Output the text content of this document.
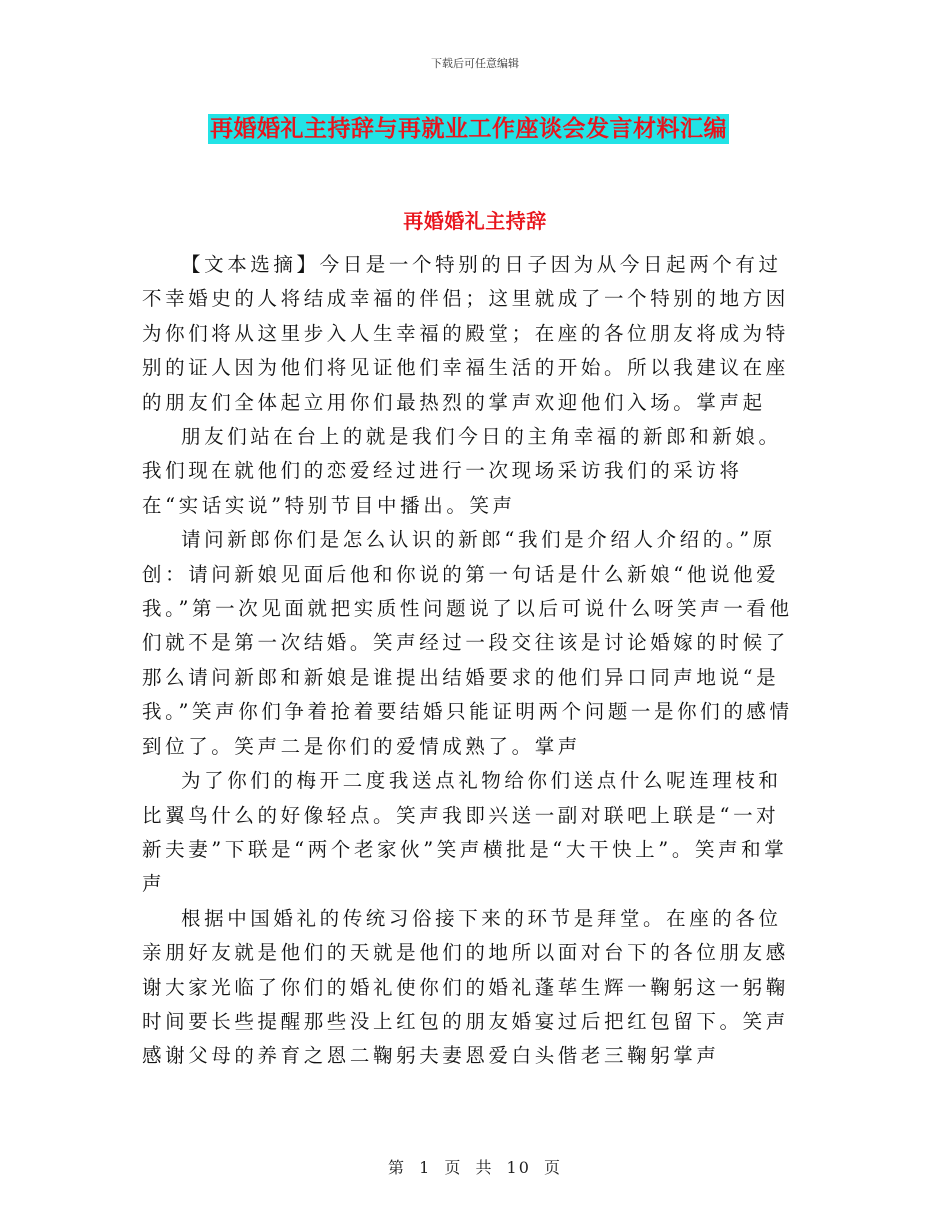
下载后可任意编辑
再婚婚礼主持辞与再就业工作座谈会发言材料汇编
再婚婚礼主持辞

【文本选摘】今日是一个特别的日子因为从今日起两个有过不幸婚史的人将结成幸福的伴侣；这里就成了一个特别的地方因为你们将从这里步入人生幸福的殿堂；在座的各位朋友将成为特别的证人因为他们将见证他们幸福生活的开始。所以我建议在座的朋友们全体起立用你们最热烈的掌声欢迎他们入场。掌声起

朋友们站在台上的就是我们今日的主角幸福的新郎和新娘。我们现在就他们的恋爱经过进行一次现场采访我们的采访将在“实话实说”特别节目中播出。笑声

请问新郎你们是怎么认识的新郎“我们是介绍人介绍的。”原创：请问新娘见面后他和你说的第一句话是什么新娘“他说他爱我。”第一次见面就把实质性问题说了以后可说什么呀笑声一看他们就不是第一次结婚。笑声经过一段交往该是讨论婚嫁的时候了那么请问新郎和新娘是谁提出结婚要求的他们异口同声地说“是我。”笑声你们争着抢着要结婚只能证明两个问题一是你们的感情到位了。笑声二是你们的爱情成熟了。掌声

为了你们的梅开二度我送点礼物给你们送点什么呢连理枝和比翼鸟什么的好像轻点。笑声我即兴送一副对联吧上联是“一对新夫妻”下联是“两个老家伙”笑声横批是“大干快上”。笑声和掌声

根据中国婚礼的传统习俗接下来的环节是拜堂。在座的各位亲朋好友就是他们的天就是他们的地所以面对台下的各位朋友感谢大家光临了你们的婚礼使你们的婚礼蓬荜生辉一鞠躬这一躬鞠时间要长些提醒那些没上红包的朋友婚宴过后把红包留下。笑声感谢父母的养育之恩二鞠躬夫妻恩爱白头偕老三鞠躬掌声

第 1 页 共 10 页
